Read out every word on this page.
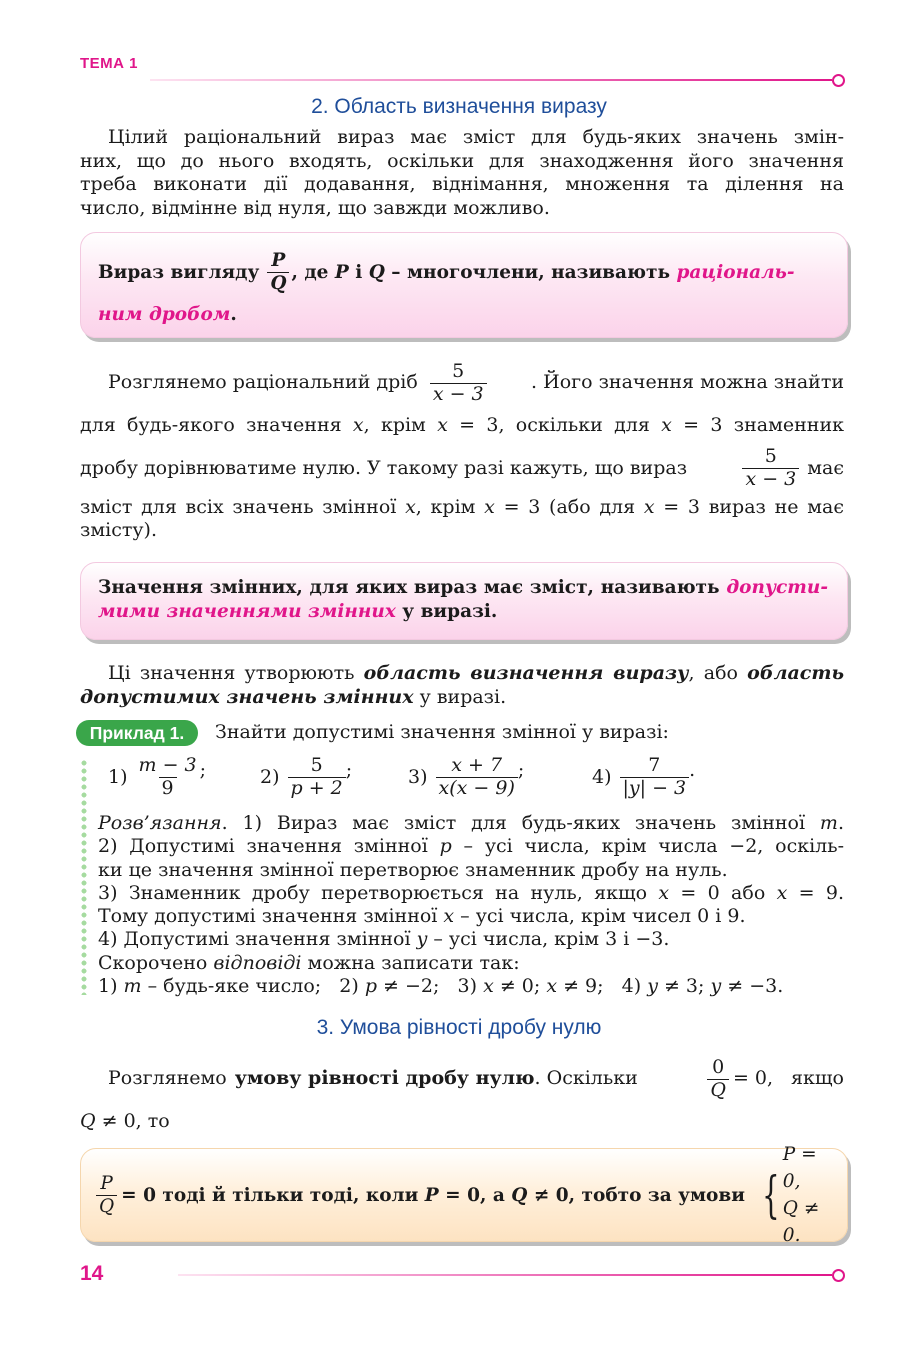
ТЕМА 1
2. Область визначення виразу
Цілий раціональний вираз має зміст для будь-яких значень змін-
них, що до нього входять, оскільки для знаходження його значення
треба виконати дії додавання, віднімання, множення та ділення на
число, відмінне від нуля, що завжди можливо.
Вираз вигляду $\frac{P}{Q}$ , де P і Q – многочлени, називають раціональ-
ним дробом.
Розглянемо раціональний дріб $\frac{5}{x - 3}$	. Його значення можна знайти
для будь-якого значення x, крім x = 3, оскільки для x = 3 знаменник
дробу дорівнюватиме нулю. У такому разі кажуть, що вираз	$\frac{5}{x - 3}$ має
зміст для всіх значень змінної x, крім x = 3 (або для x = 3 вираз не має
змісту).
Значення змінних, для яких вираз має зміст, називають допусти-
мими значеннями змінних у виразі.
Ці значення утворюють область визначення виразу, або область
допустимих значень змінних у виразі.
Приклад 1.	Знайти допустимі значення змінної у виразі:
$1) \frac{m - 3}{9}$ ;	$2) \frac{5}{p + 2}$ ;	$3) \frac{x + 7}{x(x - 9)}$ ;	$4) \frac{7}{|y| - 3}$ .
Розв’язання. 1) Вираз має зміст для будь-яких значень змінної m.
2) Допустимі значення змінної p – усі числа, крім числа −2, оскіль-
ки це значення змінної перетворює знаменник дробу на нуль.
3) Знаменник дробу перетворюється на нуль, якщо x = 0 або x = 9.
Тому допустимі значення змінної x – усі числа, крім чисел 0 і 9.
4) Допустимі значення змінної y – усі числа, крім 3 і −3.
Скорочено відповіді можна записати так:
1) m – будь-яке число;   2) p ≠ −2;   3) x ≠ 0; x ≠ 9;   4) y ≠ 3; y ≠ −3.
3. Умова рівності дробу нулю
Розглянемо умову рівності дробу нулю . Оскільки	$\frac{0}{Q} = 0$, якщо
Q ≠ 0, то
$\frac{P}{Q} = 0$ тоді й тільки тоді, коли P = 0, а Q ≠ 0, тобто за умови {
P = 0,
Q ≠ 0.
14
